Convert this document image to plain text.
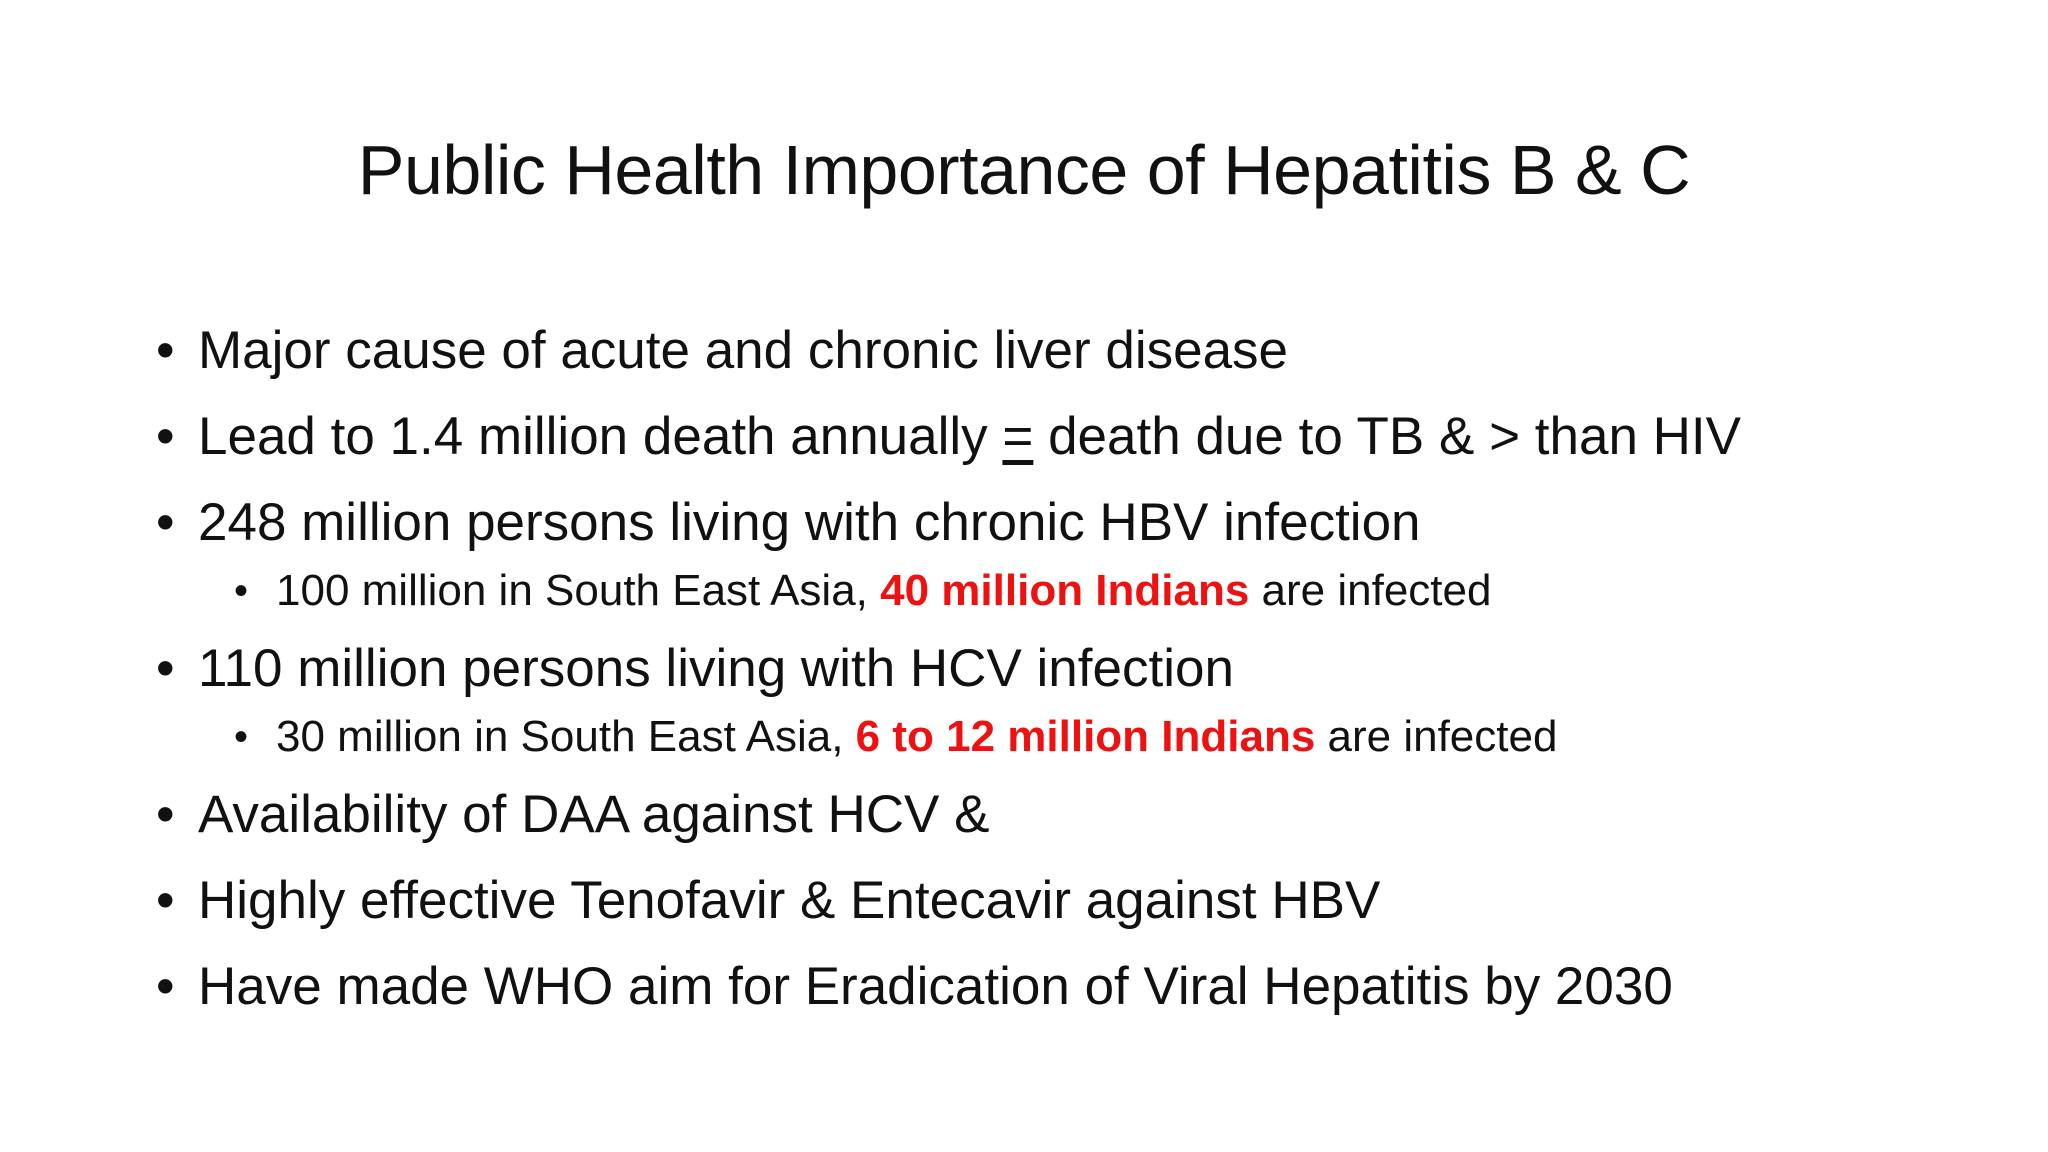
Public Health Importance of Hepatitis B & C
• Major cause of acute and chronic liver disease
• Lead to 1.4 million death annually = death due to TB & > than HIV
• 248 million persons living with chronic HBV infection
• 100 million in South East Asia, 40 million Indians are infected
• 110 million persons living with HCV infection
• 30 million in South East Asia, 6 to 12 million Indians are infected
• Availability of DAA against HCV &
• Highly effective Tenofavir & Entecavir against HBV
• Have made WHO aim for Eradication of Viral Hepatitis by 2030
